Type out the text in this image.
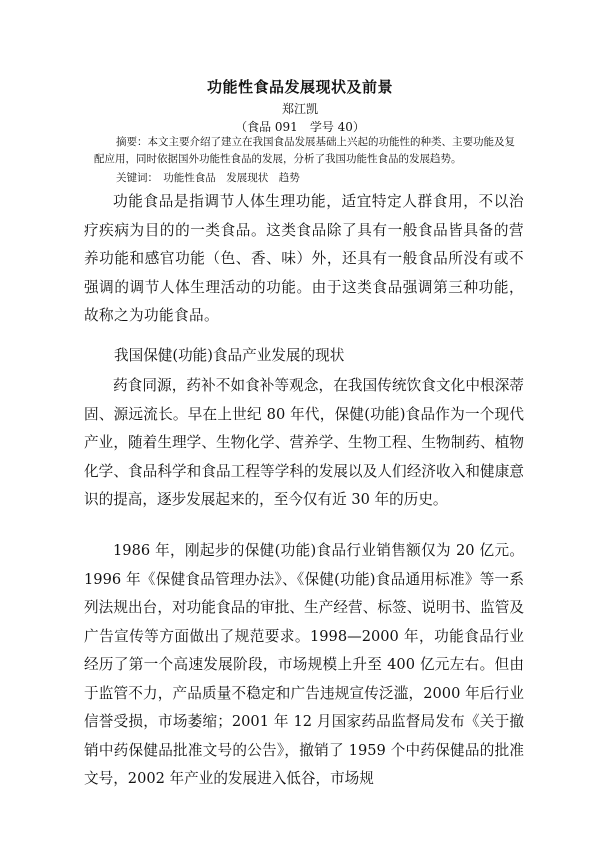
功能性食品发展现状及前景
郑江凯
（食品 091　学号 40）
摘要：本文主要介绍了建立在我国食品发展基础上兴起的功能性的种类、主要功能及复配应用，同时依据国外功能性食品的发展，分析了我国功能性食品的发展趋势。
关键词：　功能性食品　发展现状　趋势

功能食品是指调节人体生理功能，适宜特定人群食用，不以治疗疾病为目的的一类食品。这类食品除了具有一般食品皆具备的营养功能和感官功能（色、香、味）外，还具有一般食品所没有或不强调的调节人体生理活动的功能。由于这类食品强调第三种功能，故称之为功能食品。

我国保健(功能)食品产业发展的现状

药食同源，药补不如食补等观念，在我国传统饮食文化中根深蒂固、源远流长。早在上世纪 80 年代，保健(功能)食品作为一个现代产业，随着生理学、生物化学、营养学、生物工程、生物制药、植物化学、食品科学和食品工程等学科的发展以及人们经济收入和健康意识的提高，逐步发展起来的，至今仅有近 30 年的历史。

1986 年，刚起步的保健(功能)食品行业销售额仅为 20 亿元。1996 年《保健食品管理办法》、《保健(功能)食品通用标准》等一系列法规出台，对功能食品的审批、生产经营、标签、说明书、监管及广告宣传等方面做出了规范要求。1998—2000 年，功能食品行业经历了第一个高速发展阶段，市场规模上升至 400 亿元左右。但由于监管不力，产品质量不稳定和广告违规宣传泛滥，2000 年后行业信誉受损，市场萎缩；2001 年 12 月国家药品监督局发布《关于撤销中药保健品批准文号的公告》，撤销了 1959 个中药保健品的批准文号，2002 年产业的发展进入低谷，市场规
